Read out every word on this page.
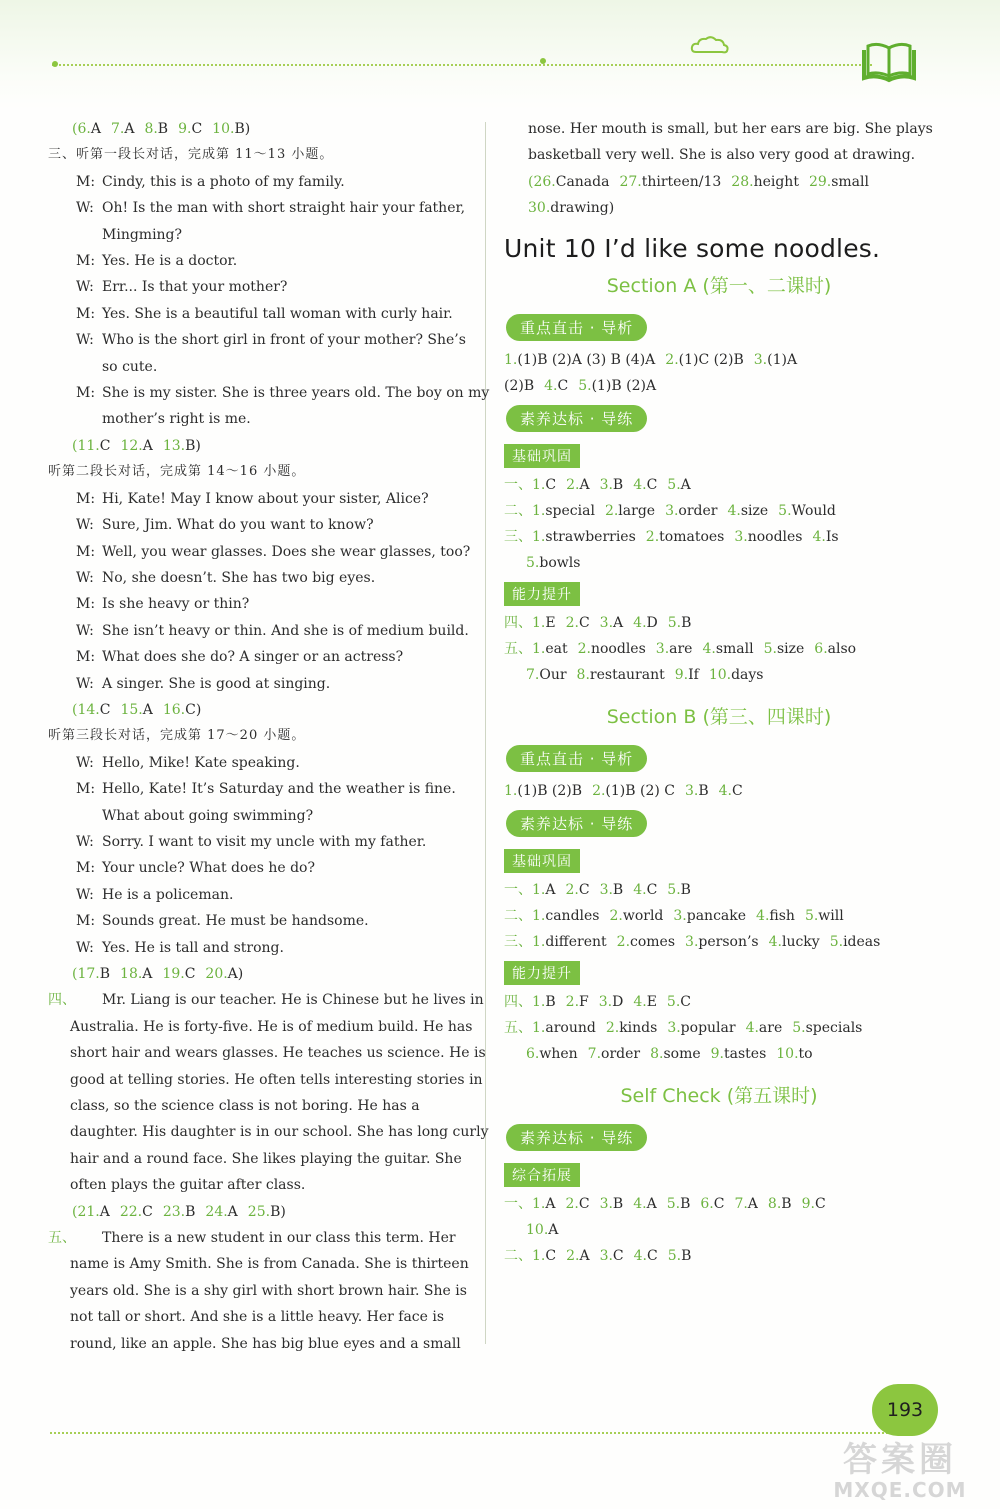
(6.A 7.A 8.B 9.C 10.B)
三、听第一段长对话，完成第 11～13 小题。
M: Cindy, this is a photo of my family.
W: Oh! Is the man with short straight hair your father,
Mingming?
M: Yes. He is a doctor.
W: Err... Is that your mother?
M: Yes. She is a beautiful tall woman with curly hair.
W: Who is the short girl in front of your mother? She’s
so cute.
M: She is my sister. She is three years old. The boy on my
mother’s right is me.
(11.C 12.A 13.B)
听第二段长对话，完成第 14～16 小题。
M: Hi, Kate! May I know about your sister, Alice?
W: Sure, Jim. What do you want to know?
M: Well, you wear glasses. Does she wear glasses, too?
W: No, she doesn’t. She has two big eyes.
M: Is she heavy or thin?
W: She isn’t heavy or thin. And she is of medium build.
M: What does she do? A singer or an actress?
W: A singer. She is good at singing.
(14.C 15.A 16.C)
听第三段长对话，完成第 17～20 小题。
W: Hello, Mike! Kate speaking.
M: Hello, Kate! It’s Saturday and the weather is fine.
What about going swimming?
W: Sorry. I want to visit my uncle with my father.
M: Your uncle? What does he do?
W: He is a policeman.
M: Sounds great. He must be handsome.
W: Yes. He is tall and strong.
(17.B 18.A 19.C 20.A)
四、 Mr. Liang is our teacher. He is Chinese but he lives in
Australia. He is forty-five. He is of medium build. He has
short hair and wears glasses. He teaches us science. He is
good at telling stories. He often tells interesting stories in
class, so the science class is not boring. He has a
daughter. His daughter is in our school. She has long curly
hair and a round face. She likes playing the guitar. She
often plays the guitar after class.
(21.A 22.C 23.B 24.A 25.B)
五、 There is a new student in our class this term. Her
name is Amy Smith. She is from Canada. She is thirteen
years old. She is a shy girl with short brown hair. She is
not tall or short. And she is a little heavy. Her face is
round, like an apple. She has big blue eyes and a small
nose. Her mouth is small, but her ears are big. She plays
basketball very well. She is also very good at drawing.
(26.Canada 27.thirteen/13 28.height 29.small
30.drawing)
Unit 10 I’d like some noodles.
Section A (第一、二课时)
重点直击 · 导析
1.(1)B (2)A (3) B (4)A 2.(1)C (2)B 3.(1)A
(2)B 4.C 5.(1)B (2)A
素养达标 · 导练
基础巩固
一、1.C 2.A 3.B 4.C 5.A
二、1.special 2.large 3.order 4.size 5.Would
三、1.strawberries 2.tomatoes 3.noodles 4.Is
5.bowls
能力提升
四、1.E 2.C 3.A 4.D 5.B
五、1.eat 2.noodles 3.are 4.small 5.size 6.also
7.Our 8.restaurant 9.If 10.days
Section B (第三、四课时)
重点直击 · 导析
1.(1)B (2)B 2.(1)B (2) C 3.B 4.C
素养达标 · 导练
基础巩固
一、1.A 2.C 3.B 4.C 5.B
二、1.candles 2.world 3.pancake 4.fish 5.will
三、1.different 2.comes 3.person’s 4.lucky 5.ideas
能力提升
四、1.B 2.F 3.D 4.E 5.C
五、1.around 2.kinds 3.popular 4.are 5.specials
6.when 7.order 8.some 9.tastes 10.to
Self Check (第五课时)
素养达标 · 导练
综合拓展
一、1.A 2.C 3.B 4.A 5.B 6.C 7.A 8.B 9.C
10.A
二、1.C 2.A 3.C 4.C 5.B
193
答案圈
MXQE.COM
